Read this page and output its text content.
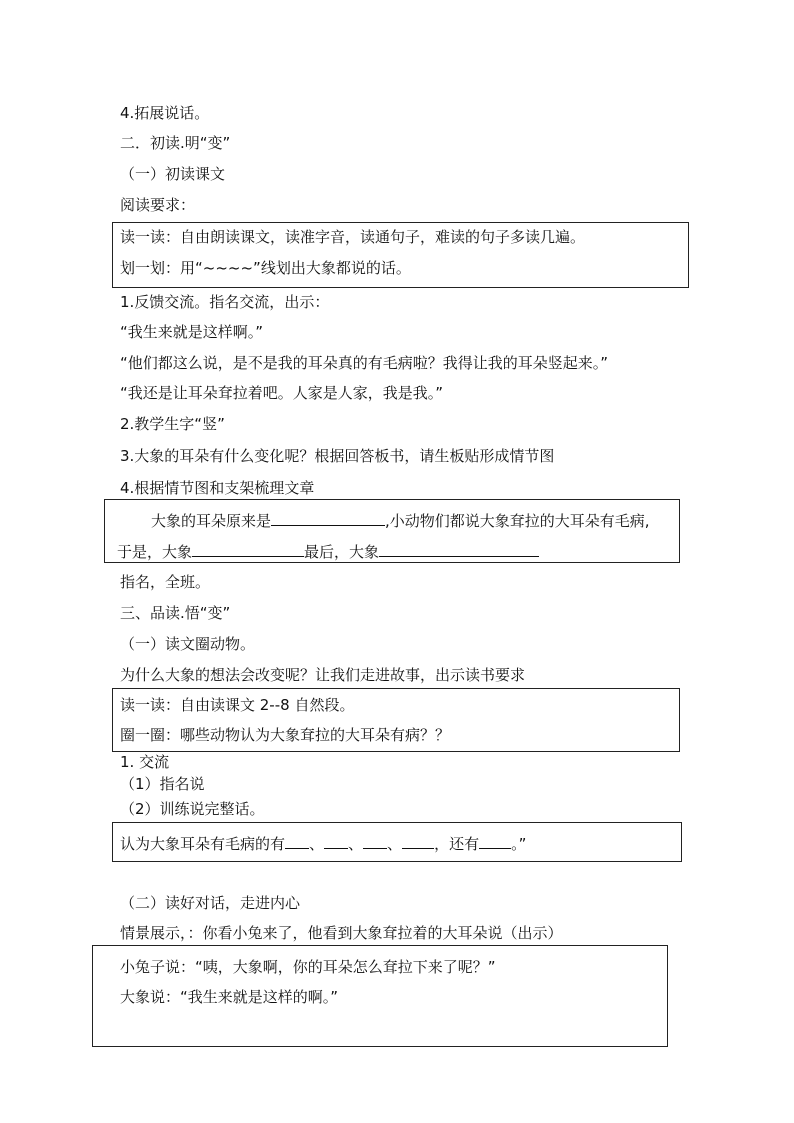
4.拓展说话。
二．初读.明“变”
（一）初读课文
阅读要求：
读一读：自由朗读课文，读准字音，读通句子，难读的句子多读几遍。
划一划：用“~~~~”线划出大象都说的话。
1.反馈交流。指名交流，出示：
“我生来就是这样啊。”
“他们都这么说，是不是我的耳朵真的有毛病啦？我得让我的耳朵竖起来。”
“我还是让耳朵耷拉着吧。人家是人家，我是我。”
2.教学生字“竖”
3.大象的耳朵有什么变化呢？根据回答板书，请生板贴形成情节图
4.根据情节图和支架梳理文章
大象的耳朵原来是	,小动物们都说大象耷拉的大耳朵有毛病,
于是，大象	最后，大象
指名，全班。
三、品读.悟“变”
（一）读文圈动物。
为什么大象的想法会改变呢？让我们走进故事，出示读书要求
读一读：自由读课文 2--8 自然段。
圈一圈：哪些动物认为大象耷拉的大耳朵有病？？
1. 交流
（1）指名说
（2）训练说完整话。
认为大象耳朵有毛病的有 、 、 、 ，还有 。”
（二）读好对话，走进内心
情景展示，：你看小兔来了，他看到大象耷拉着的大耳朵说（出示）
小兔子说：“咦，大象啊，你的耳朵怎么耷拉下来了呢？”
大象说：“我生来就是这样的啊。”
